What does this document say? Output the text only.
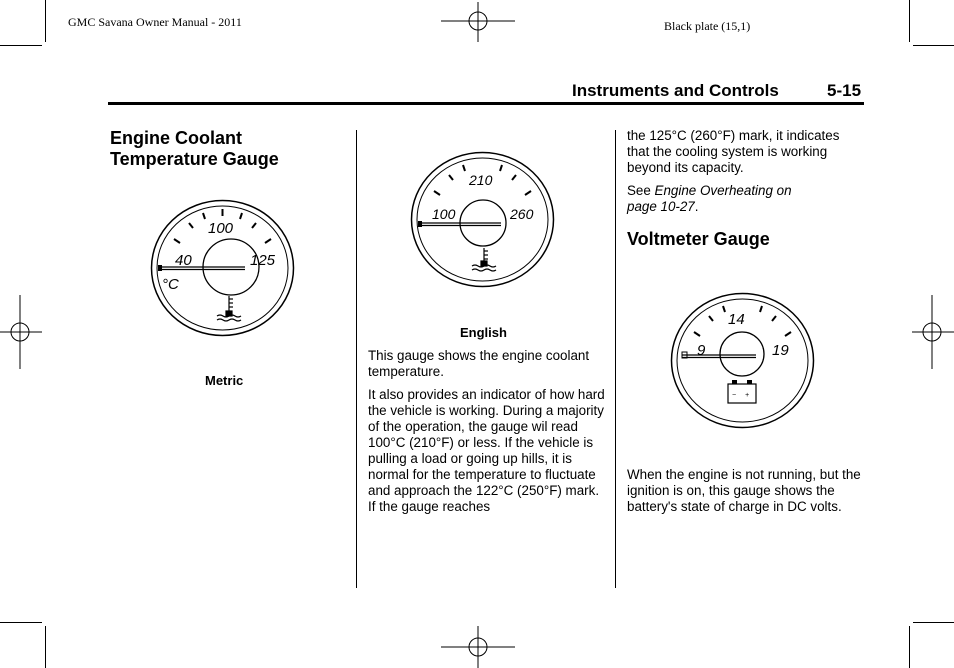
GMC Savana Owner Manual - 2011	Black plate (15,1)
Instruments and Controls	5-15
Engine Coolant
Temperature Gauge
100
40	125
°C
Metric
210
100	260
English

This gauge shows the engine coolant temperature.

It also provides an indicator of how hard the vehicle is working. During a majority of the operation, the gauge wil read 100°C (210°F) or less. If the vehicle is pulling a load or going up hills, it is normal for the temperature to fluctuate and approach the 122°C (250°F) mark. If the gauge reaches

the 125°C (260°F) mark, it indicates that the cooling system is working beyond its capacity.

See Engine Overheating on page 10-27.

Voltmeter Gauge
14
9	19
− +

When the engine is not running, but the ignition is on, this gauge shows the battery's state of charge in DC volts.
